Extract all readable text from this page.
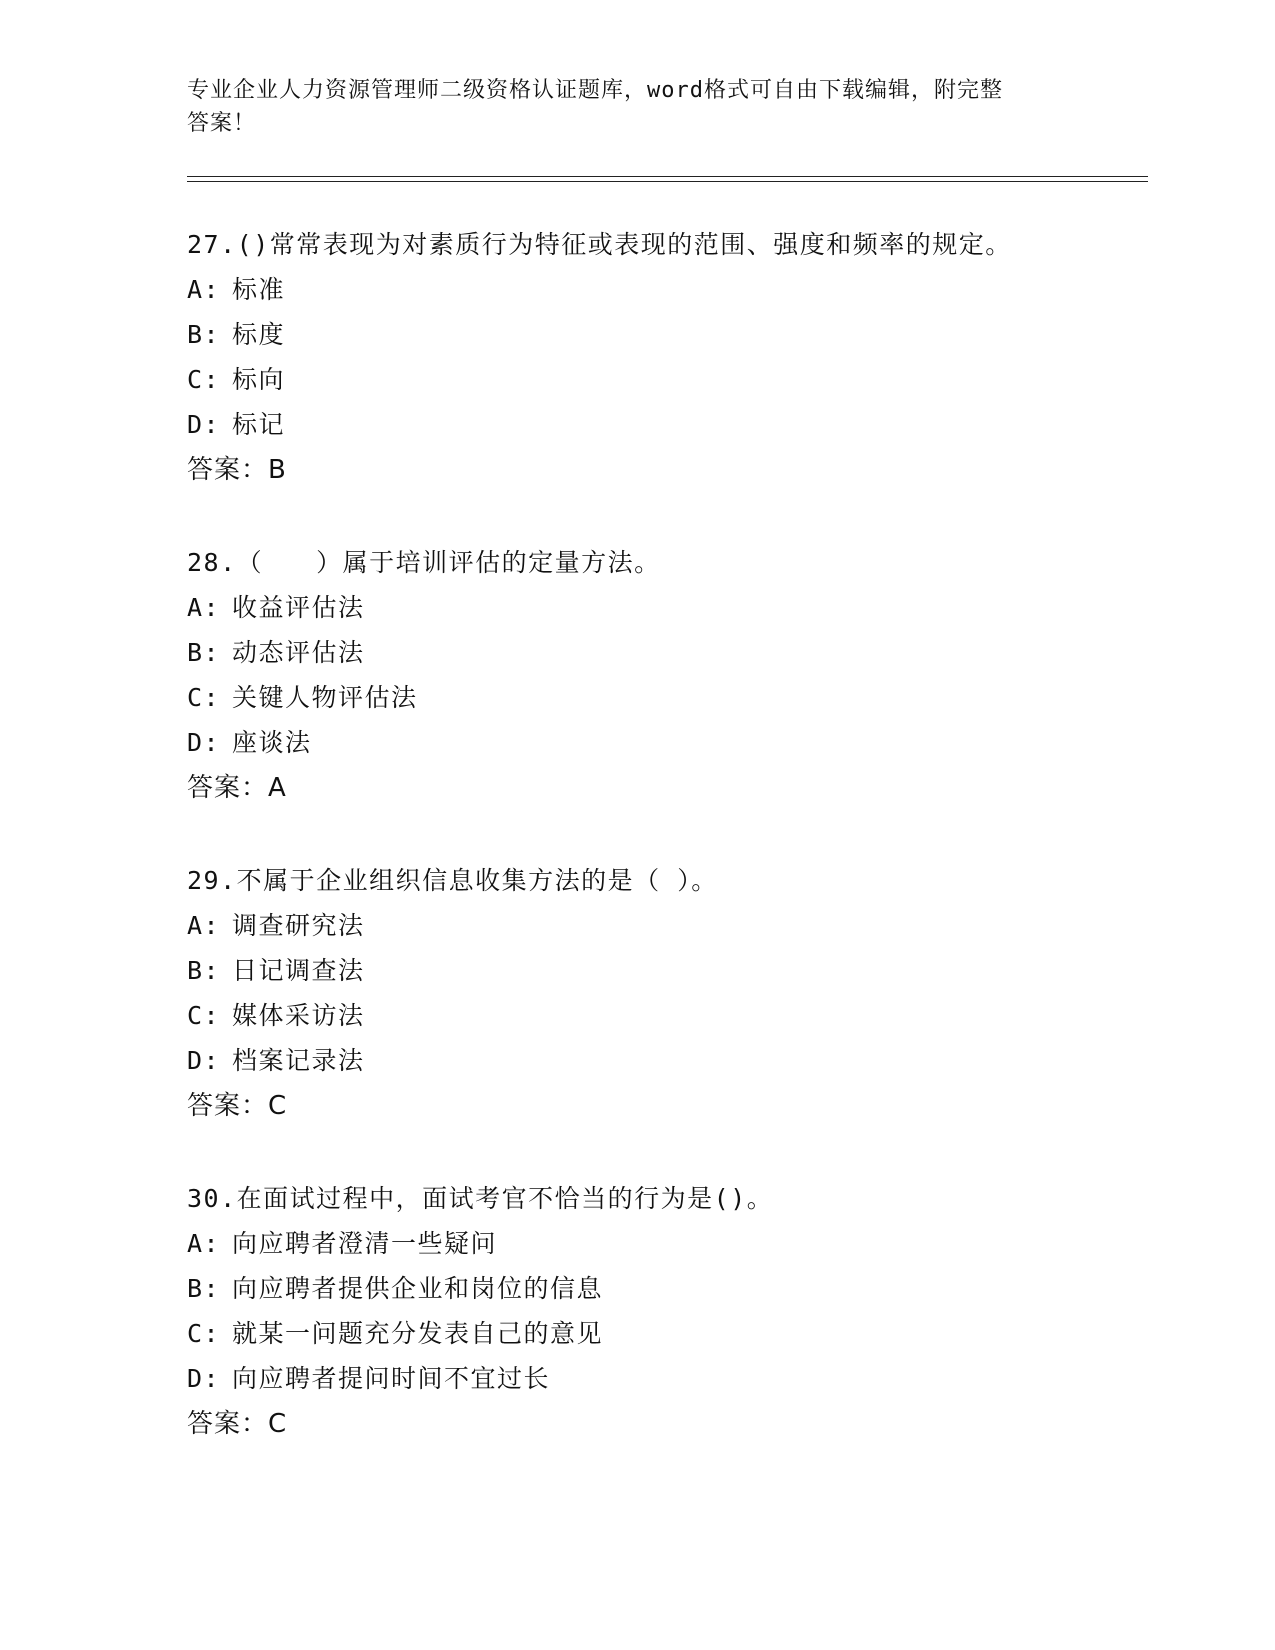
专业企业人力资源管理师二级资格认证题库，word格式可自由下载编辑，附完整
答案！
27.()常常表现为对素质行为特征或表现的范围、强度和频率的规定。
A: 标准
B: 标度
C: 标向
D: 标记
答案：B
28.（　　）属于培训评估的定量方法。
A: 收益评估法
B: 动态评估法
C: 关键人物评估法
D: 座谈法
答案：A
29.不属于企业组织信息收集方法的是（ ）。
A: 调查研究法
B: 日记调查法
C: 媒体采访法
D: 档案记录法
答案：C
30.在面试过程中，面试考官不恰当的行为是()。
A: 向应聘者澄清一些疑问
B: 向应聘者提供企业和岗位的信息
C: 就某一问题充分发表自己的意见
D: 向应聘者提问时间不宜过长
答案：C
